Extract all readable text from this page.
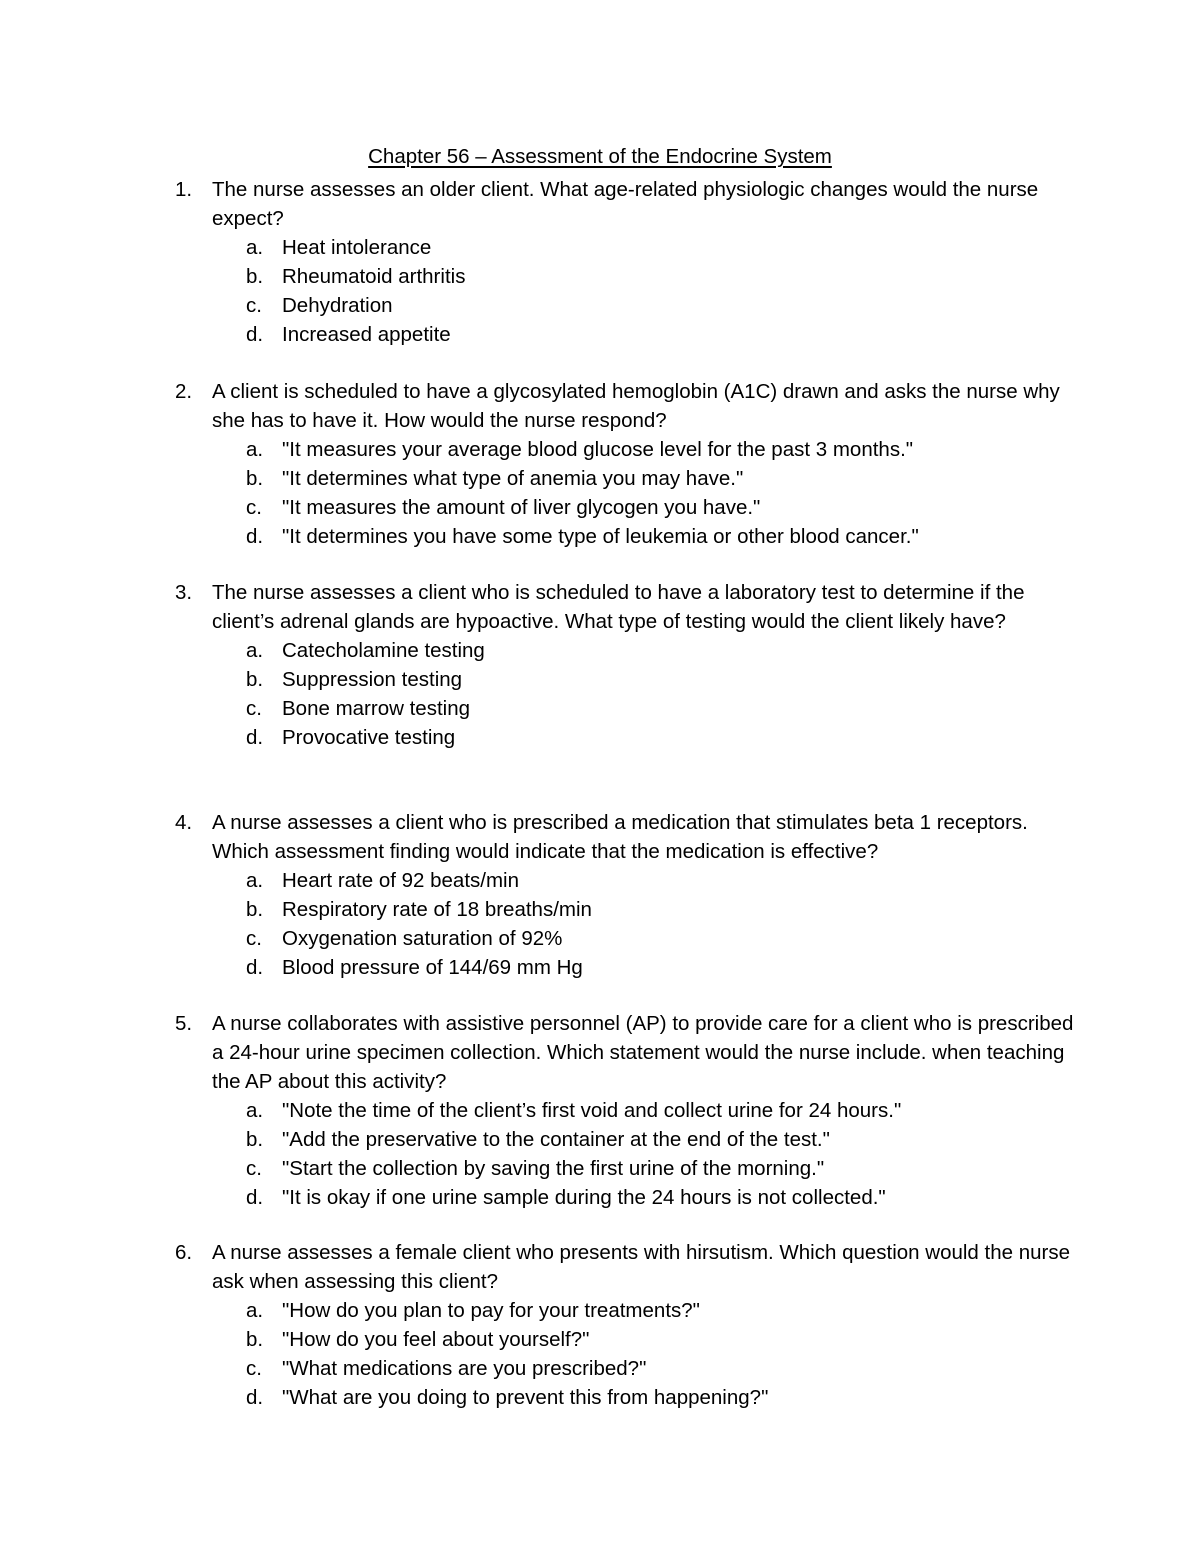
Chapter 56 – Assessment of the Endocrine System
1. The nurse assesses an older client. What age-related physiologic changes would the nurse expect?
a. Heat intolerance
b. Rheumatoid arthritis
c. Dehydration
d. Increased appetite
2. A client is scheduled to have a glycosylated hemoglobin (A1C) drawn and asks the nurse why she has to have it. How would the nurse respond?
a. "It measures your average blood glucose level for the past 3 months."
b. "It determines what type of anemia you may have."
c. "It measures the amount of liver glycogen you have."
d. "It determines you have some type of leukemia or other blood cancer."
3. The nurse assesses a client who is scheduled to have a laboratory test to determine if the client’s adrenal glands are hypoactive. What type of testing would the client likely have?
a. Catecholamine testing
b. Suppression testing
c. Bone marrow testing
d. Provocative testing
4. A nurse assesses a client who is prescribed a medication that stimulates beta 1 receptors. Which assessment finding would indicate that the medication is effective?
a. Heart rate of 92 beats/min
b. Respiratory rate of 18 breaths/min
c. Oxygenation saturation of 92%
d. Blood pressure of 144/69 mm Hg
5. A nurse collaborates with assistive personnel (AP) to provide care for a client who is prescribed a 24-hour urine specimen collection. Which statement would the nurse include. when teaching the AP about this activity?
a. "Note the time of the client’s first void and collect urine for 24 hours."
b. "Add the preservative to the container at the end of the test."
c. "Start the collection by saving the first urine of the morning."
d. "It is okay if one urine sample during the 24 hours is not collected."
6. A nurse assesses a female client who presents with hirsutism. Which question would the nurse ask when assessing this client?
a. "How do you plan to pay for your treatments?"
b. "How do you feel about yourself?"
c. "What medications are you prescribed?"
d. "What are you doing to prevent this from happening?"
